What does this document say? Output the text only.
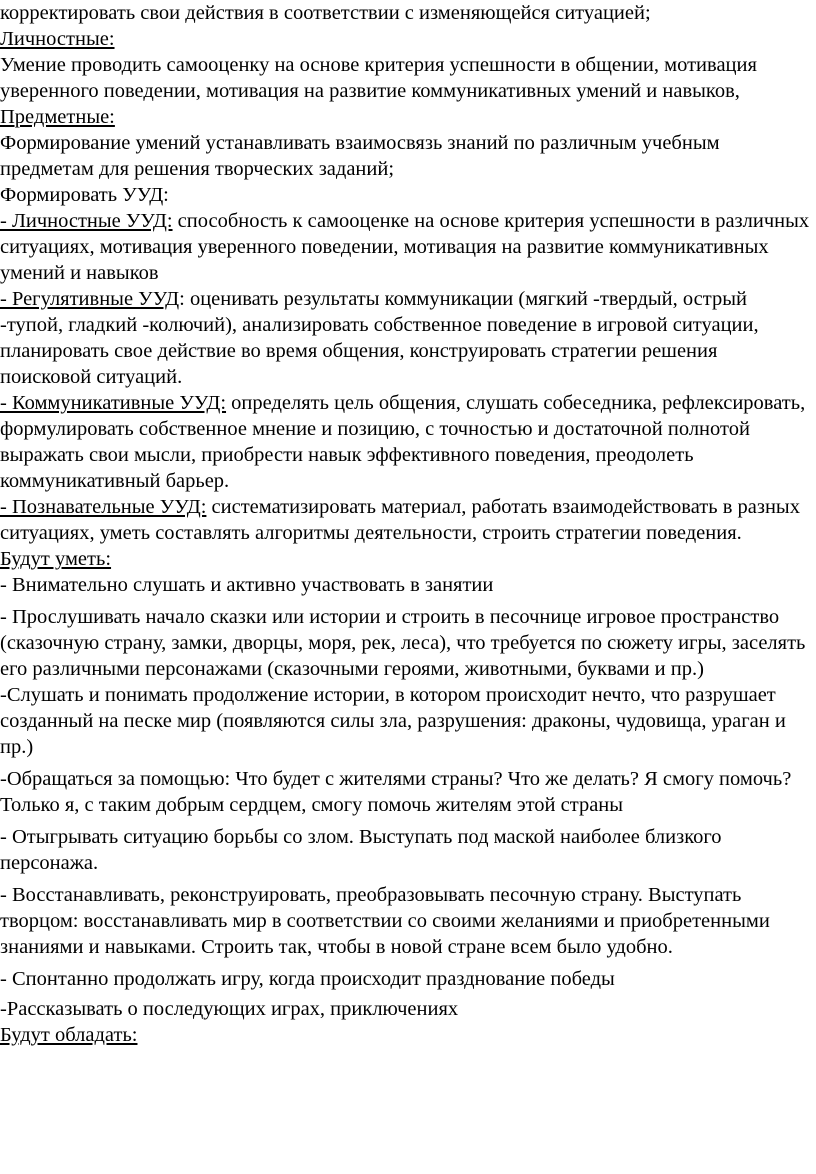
корректировать свои действия в соответствии с изменяющейся ситуацией;

Личностные:

Умение проводить самооценку на основе критерия успешности в общении, мотивация уверенного поведении, мотивация на развитие коммуникативных умений и навыков,

Предметные:

Формирование умений устанавливать взаимосвязь знаний по различным учебным предметам для решения творческих заданий;

Формировать УУД:

- Личностные УУД: способность к самооценке на основе критерия успешности в различных ситуациях, мотивация уверенного поведении, мотивация на развитие коммуникативных умений и навыков

- Регулятивные УУД: оценивать результаты коммуникации (мягкий -твердый, острый -тупой, гладкий -колючий), анализировать собственное поведение в игровой ситуации, планировать свое действие во время общения, конструировать стратегии решения поисковой ситуаций.

- Коммуникативные УУД: определять цель общения, слушать собеседника, рефлексировать, формулировать собственное мнение и позицию, с точностью и достаточной полнотой выражать свои мысли, приобрести навык эффективного поведения, преодолеть коммуникативный барьер.

- Познавательные УУД: систематизировать материал, работать взаимодействовать в разных ситуациях, уметь составлять алгоритмы деятельности, строить стратегии поведения.

Будут уметь:

- Внимательно слушать и активно участвовать в занятии

- Прослушивать начало сказки или истории и строить в песочнице игровое пространство (сказочную страну, замки, дворцы, моря, рек, леса), что требуется по сюжету игры, заселять его различными персонажами (сказочными героями, животными, буквами и пр.)

-Слушать и понимать продолжение истории, в котором происходит нечто, что разрушает созданный на песке мир (появляются силы зла, разрушения: драконы, чудовища, ураган и пр.)

-Обращаться за помощью: Что будет с жителями страны? Что же делать? Я смогу помочь? Только я, с таким добрым сердцем, смогу помочь жителям этой страны

- Отыгрывать ситуацию борьбы со злом. Выступать под маской наиболее близкого персонажа.

- Восстанавливать, реконструировать, преобразовывать песочную страну. Выступать творцом: восстанавливать мир в соответствии со своими желаниями и приобретенными знаниями и навыками. Строить так, чтобы в новой стране всем было удобно.

- Спонтанно продолжать игру, когда происходит празднование победы

-Рассказывать о последующих играх, приключениях

Будут обладать:
